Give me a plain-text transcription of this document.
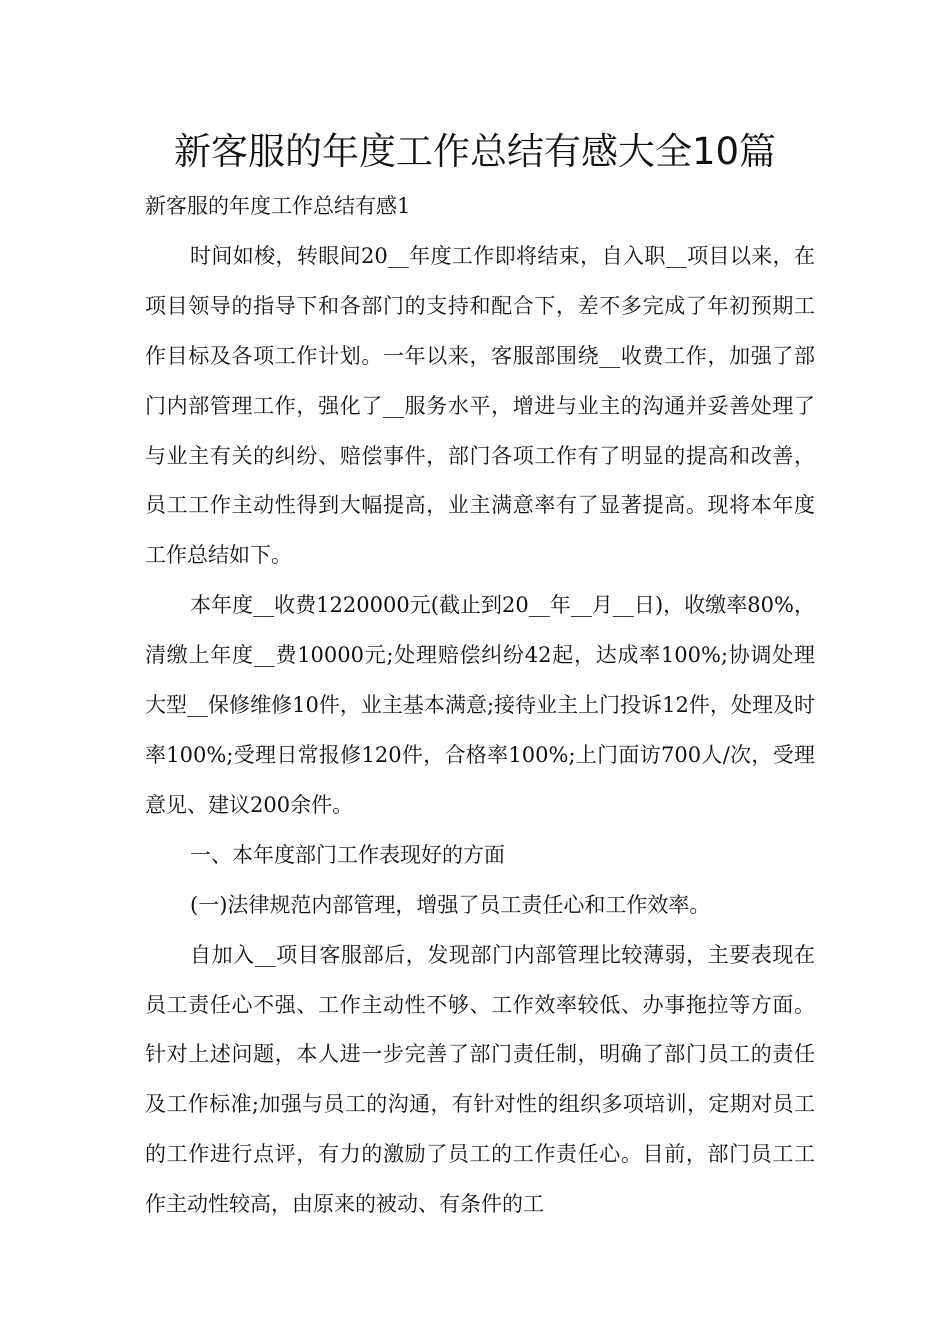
新客服的年度工作总结有感大全10篇

新客服的年度工作总结有感1

时间如梭，转眼间20__年度工作即将结束，自入职__项目以来，在项目领导的指导下和各部门的支持和配合下，差不多完成了年初预期工作目标及各项工作计划。一年以来，客服部围绕__收费工作，加强了部门内部管理工作，强化了__服务水平，增进与业主的沟通并妥善处理了与业主有关的纠纷、赔偿事件，部门各项工作有了明显的提高和改善，员工工作主动性得到大幅提高，业主满意率有了显著提高。现将本年度工作总结如下。

本年度__收费1220000元(截止到20__年__月__日)，收缴率80%，清缴上年度__费10000元;处理赔偿纠纷42起，达成率100%;协调处理大型__保修维修10件，业主基本满意;接待业主上门投诉12件，处理及时率100%;受理日常报修120件，合格率100%;上门面访700人/次，受理意见、建议200余件。

一、本年度部门工作表现好的方面

(一)法律规范内部管理，增强了员工责任心和工作效率。

自加入__项目客服部后，发现部门内部管理比较薄弱，主要表现在员工责任心不强、工作主动性不够、工作效率较低、办事拖拉等方面。针对上述问题，本人进一步完善了部门责任制，明确了部门员工的责任及工作标准;加强与员工的沟通，有针对性的组织多项培训，定期对员工的工作进行点评，有力的激励了员工的工作责任心。目前，部门员工工作主动性较高，由原来的被动、有条件的工
